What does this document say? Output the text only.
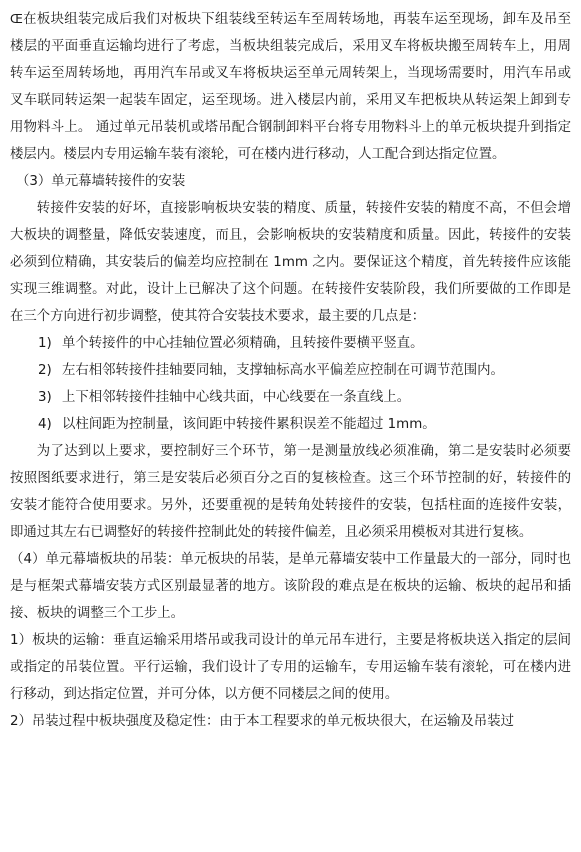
Œ在板块组装完成后我们对板块下组装线至转运车至周转场地，再装车运至现场，卸车及吊至楼层的平面垂直运输均进行了考虑，当板块组装完成后，采用叉车将板块搬至周转车上，用周转车运至周转场地，再用汽车吊或叉车将板块运至单元周转架上，当现场需要时，用汽车吊或叉车联同转运架一起装车固定，运至现场。进入楼层内前，采用叉车把板块从转运架上卸到专用物料斗上。 通过单元吊装机或塔吊配合钢制卸料平台将专用物料斗上的单元板块提升到指定楼层内。楼层内专用运输车装有滚轮，可在楼内进行移动，人工配合到达指定位置。

（3）单元幕墙转接件的安装

转接件安装的好坏，直接影响板块安装的精度、质量，转接件安装的精度不高，不但会增大板块的调整量，降低安装速度，而且，会影响板块的安装精度和质量。因此，转接件的安装必须到位精确，其安装后的偏差均应控制在 1mm 之内。要保证这个精度，首先转接件应该能实现三维调整。对此，设计上已解决了这个问题。在转接件安装阶段，我们所要做的工作即是在三个方向进行初步调整，使其符合安装技术要求，最主要的几点是：

1) 单个转接件的中心挂轴位置必须精确，且转接件要横平竖直。
2) 左右相邻转接件挂轴要同轴，支撑轴标高水平偏差应控制在可调节范围内。
3) 上下相邻转接件挂轴中心线共面，中心线要在一条直线上。
4) 以柱间距为控制量，该间距中转接件累积误差不能超过 1mm。

为了达到以上要求，要控制好三个环节，第一是测量放线必须准确，第二是安装时必须要按照图纸要求进行，第三是安装后必须百分之百的复核检查。这三个环节控制的好，转接件的安装才能符合使用要求。另外，还要重视的是转角处转接件的安装，包括柱面的连接件安装，即通过其左右已调整好的转接件控制此处的转接件偏差，且必须采用模板对其进行复核。

（4）单元幕墙板块的吊装：单元板块的吊装，是单元幕墙安装中工作量最大的一部分，同时也是与框架式幕墙安装方式区别最显著的地方。该阶段的难点是在板块的运输、板块的起吊和插接、板块的调整三个工步上。

1）板块的运输：垂直运输采用塔吊或我司设计的单元吊车进行，主要是将板块送入指定的层间或指定的吊装位置。平行运输，我们设计了专用的运输车，专用运输车装有滚轮，可在楼内进行移动，到达指定位置，并可分体，以方便不同楼层之间的使用。

2）吊装过程中板块强度及稳定性：由于本工程要求的单元板块很大，在运输及吊装过
